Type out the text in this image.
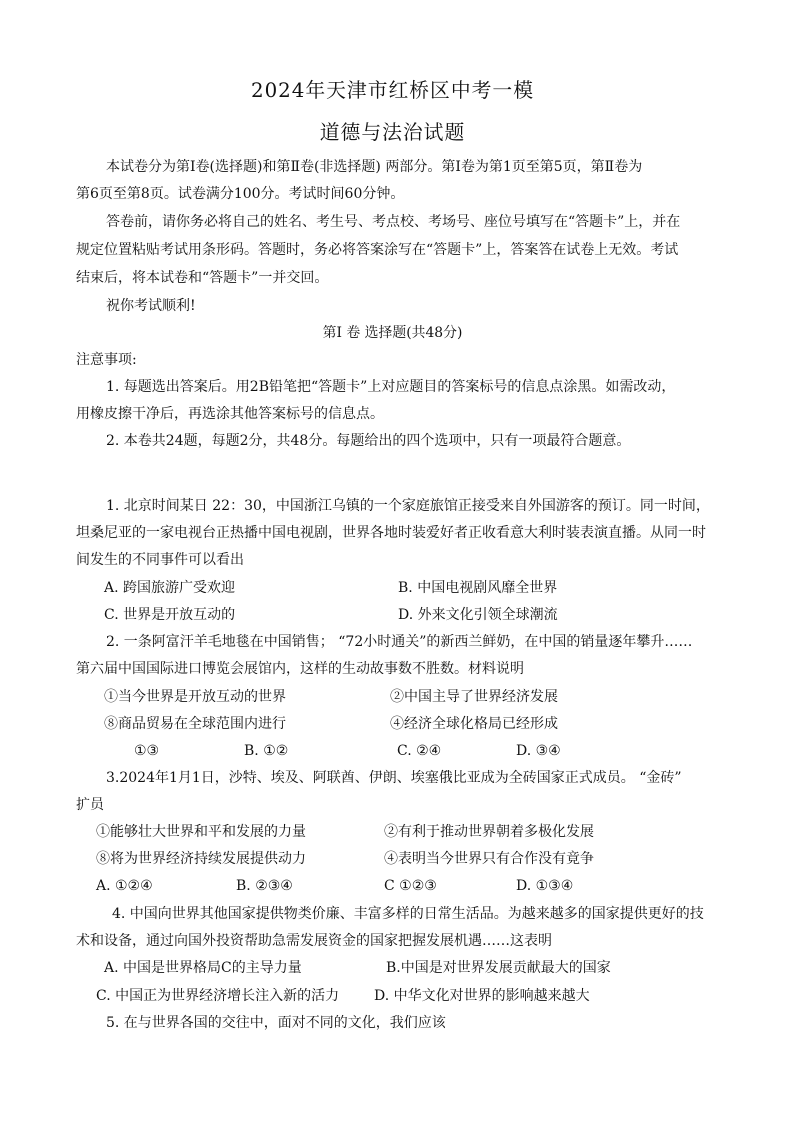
2024年天津市红桥区中考一模
道德与法治试题
本试卷分为第Ⅰ卷(选择题)和第Ⅱ卷(非选择题) 两部分。第Ⅰ卷为第1页至第5页，第Ⅱ卷为
第6页至第8页。试卷满分100分。考试时间60分钟。
答卷前，请你务必将自己的姓名、考生号、考点校、考场号、座位号填写在“答题卡”上，并在
规定位置粘贴考试用条形码。答题时，务必将答案涂写在“答题卡”上，答案答在试卷上无效。考试
结束后，将本试卷和“答题卡”一并交回。
祝你考试顺利!
第Ⅰ 卷 选择题(共48分)
注意事项:
1. 每题选出答案后。用2B铅笔把“答题卡”上对应题目的答案标号的信息点涂黑。如需改动，
用橡皮擦干净后，再选涂其他答案标号的信息点。
2. 本卷共24题，每题2分，共48分。每题给出的四个选项中，只有一项最符合题意。
1. 北京时间某日 22：30，中国浙江乌镇的一个家庭旅馆正接受来自外国游客的预订。同一时间，
坦桑尼亚的一家电视台正热播中国电视剧，世界各地时装爱好者正收看意大利时装表演直播。从同一时
间发生的不同事件可以看出
A. 跨国旅游广受欢迎	B. 中国电视剧风靡全世界
C. 世界是开放互动的	D. 外来文化引领全球潮流
2. 一条阿富汗羊毛地毯在中国销售； “72小时通关”的新西兰鲜奶，在中国的销量逐年攀升……
第六届中国国际进口博览会展馆内，这样的生动故事数不胜数。材料说明
①当今世界是开放互动的世界	②中国主导了世界经济发展
⑧商品贸易在全球范围内进行	④经济全球化格局已经形成
①③	B. ①②	C. ②④	D. ③④
3.2024年1月1日，沙特、埃及、阿联酋、伊朗、埃塞俄比亚成为全砖国家正式成员。 “金砖”
扩员
①能够壮大世界和平和发展的力量	②有利于推动世界朝着多极化发展
⑧将为世界经济持续发展提供动力	④表明当今世界只有合作没有竟争
A. ①②④	B. ②③④	C ①②③	D. ①③④
4. 中国向世界其他国家提供物类价廉、丰富多样的日常生活品。为越来越多的国家提供更好的技
术和设备，通过向国外投资帮助急需发展资金的国家把握发展机遇……这表明
A. 中国是世界格局C的主导力量	B.中国是对世界发展贡献最大的国家
C. 中国正为世界经济增长注入新的活力 D. 中华文化对世界的影响越来越大
5. 在与世界各国的交往中，面对不同的文化，我们应该
